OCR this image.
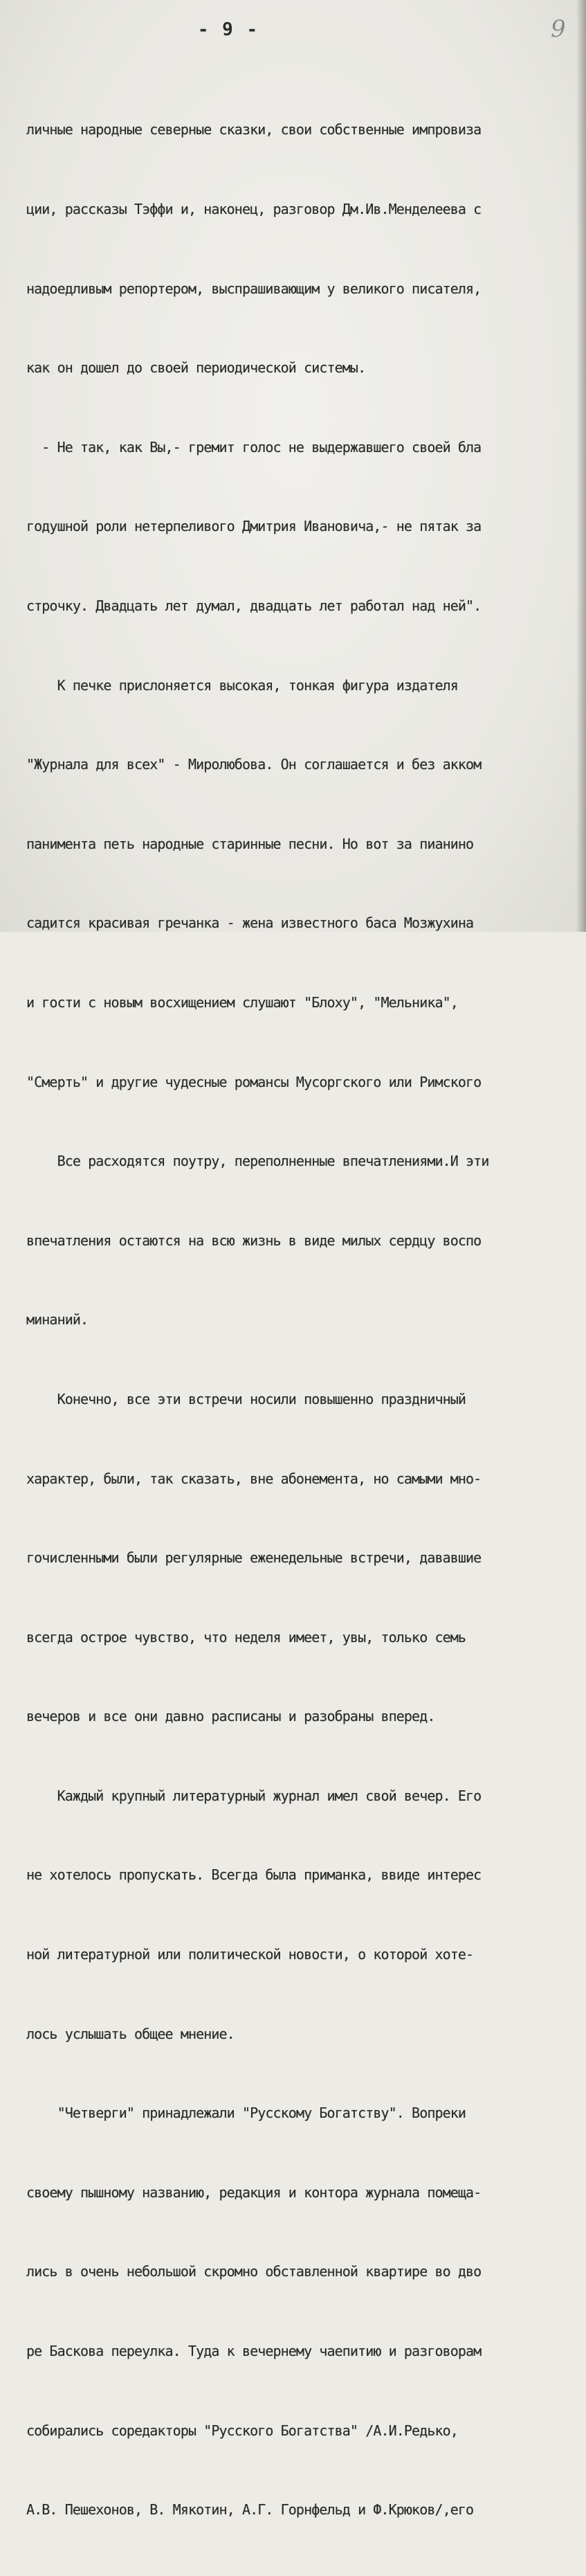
- 9 -	9

личные народные северные сказки, свои собственные импровиза

ции, рассказы Тэффи и, наконец, разговор Дм.Ив.Менделеева с

надоедливым репортером, выспрашивающим у великого писателя,

как он дошел до своей периодической системы.

- Не так, как Вы,- гремит голос не выдержавшего своей бла

годушной роли нетерпеливого Дмитрия Ивановича,- не пятак за

строчку. Двадцать лет думал, двадцать лет работал над ней".

К печке прислоняется высокая, тонкая фигура издателя

"Журнала для всех" - Миролюбова. Он соглашается и без акком

панимента петь народные старинные песни. Но вот за пианино

садится красивая гречанка - жена известного баса Мозжухина

и гости с новым восхищением слушают "Блоху", "Мельника",

"Смерть" и другие чудесные романсы Мусоргского или Римского

Все расходятся поутру, переполненные впечатлениями.И эти

впечатления остаются на всю жизнь в виде милых сердцу воспо

минаний.

Конечно, все эти встречи носили повышенно праздничный

характер, были, так сказать, вне абонемента, но самыми мно-

гочисленными были регулярные еженедельные встречи, дававшие

всегда острое чувство, что неделя имеет, увы, только семь

вечеров и все они давно расписаны и разобраны вперед.

Каждый крупный литературный журнал имел свой вечер. Его

не хотелось пропускать. Всегда была приманка, ввиде интерес

ной литературной или политической новости, о которой хоте-

лось услышать общее мнение.

"Четверги" принадлежали "Русскому Богатству". Вопреки

своему пышному названию, редакция и контора журнала помеща-

лись в очень небольшой скромно обставленной квартире во дво

ре Баскова переулка. Туда к вечернему чаепитию и разговорам

собирались соредакторы "Русского Богатства" /А.И.Редько,

А.В. Пешехонов, В. Мякотин, А.Г. Горнфельд и Ф.Крюков/,его
